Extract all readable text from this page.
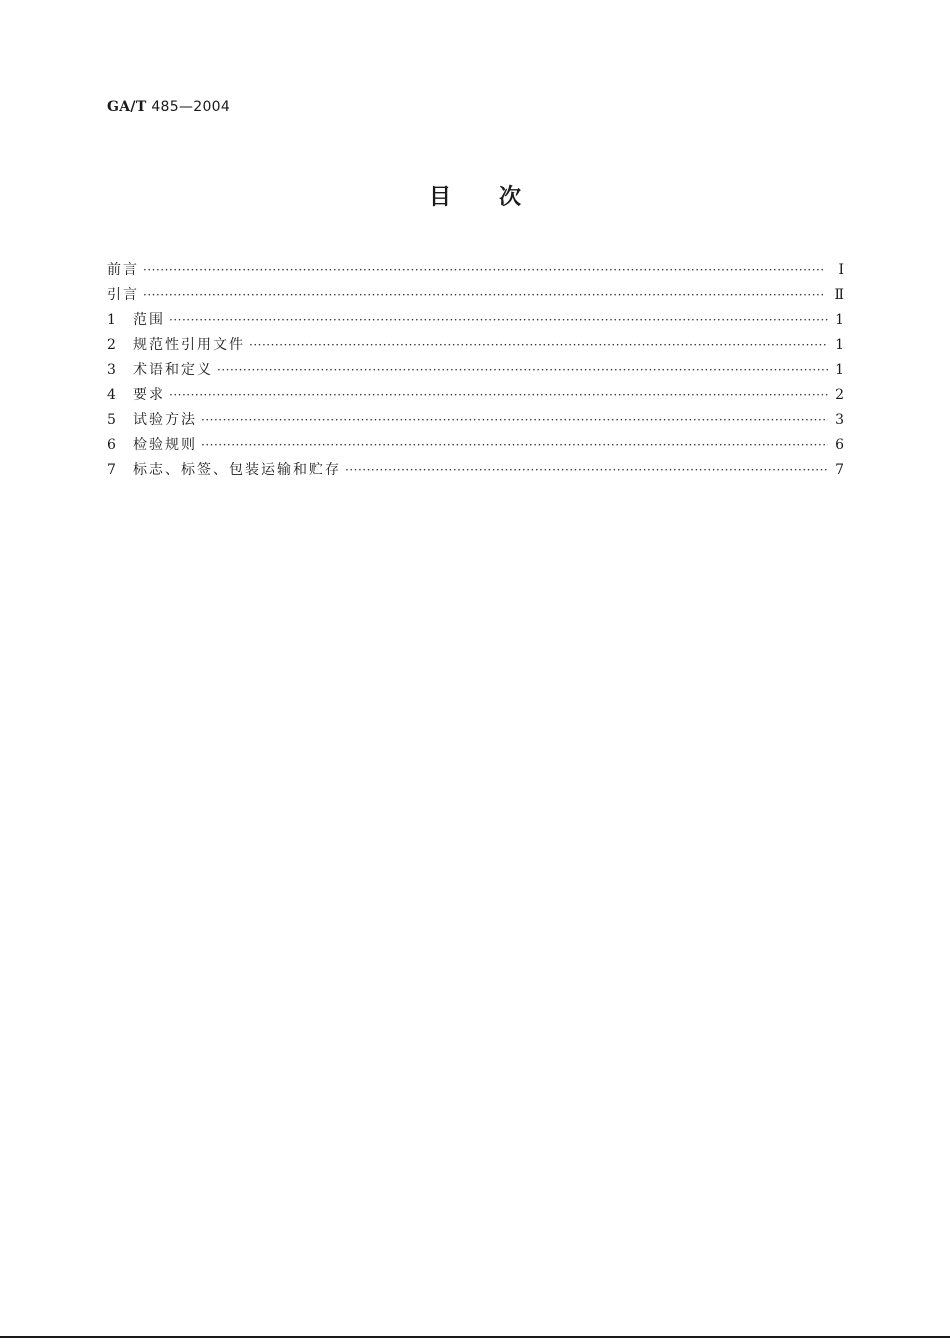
GA/T 485—2004
目 次
前言 ·····	Ⅰ
引言 ·····	Ⅱ
1	范围 ·····	1
2	规范性引用文件 ·····	1
3	术语和定义 ·····	1
4	要求 ·····	2
5	试验方法 ·····	3
6	检验规则 ·····	6
7	标志、标签、包装运输和贮存 ·····	7
